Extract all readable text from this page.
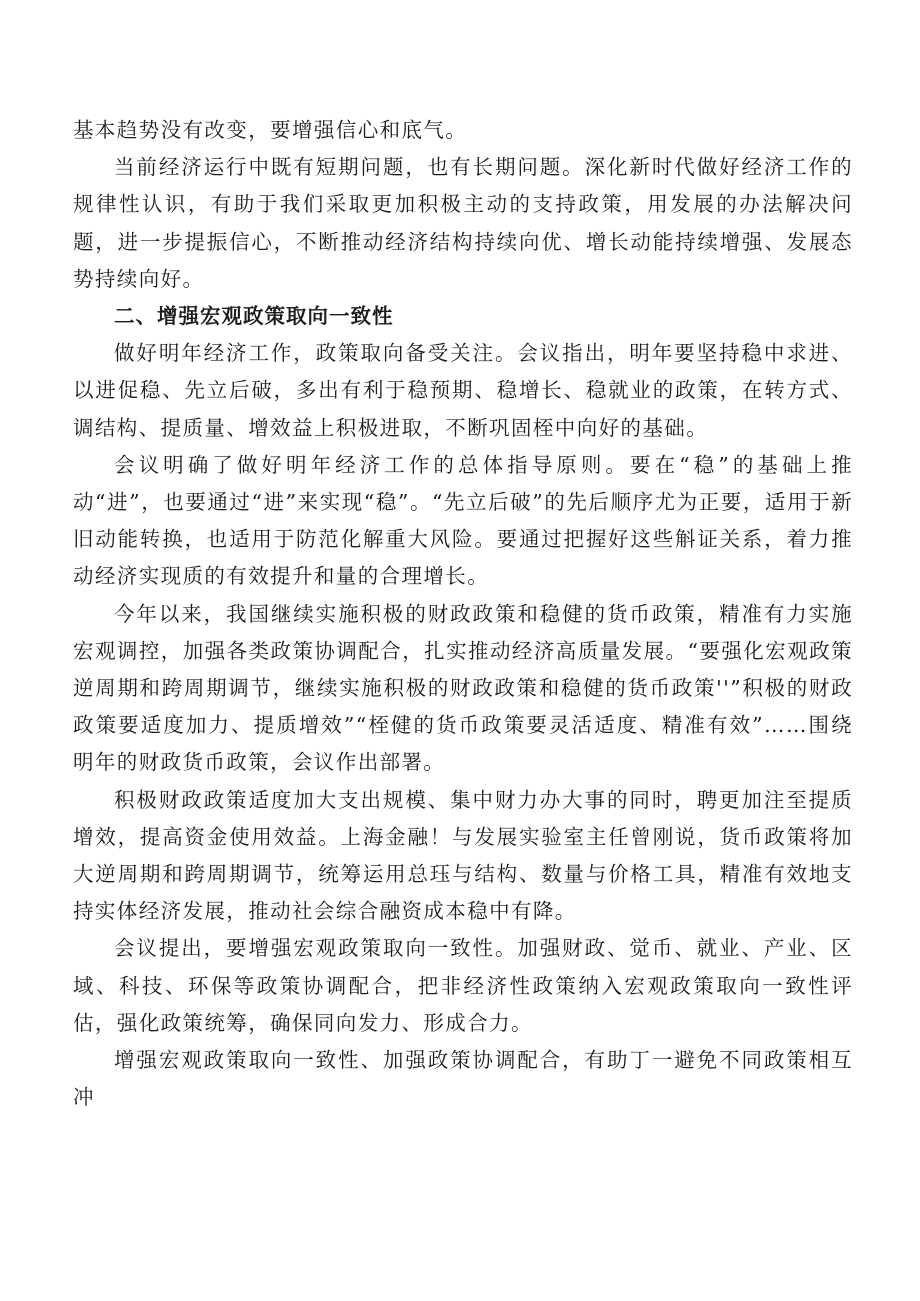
基本趋势没有改变，要增强信心和底气。

当前经济运行中既有短期问题，也有长期问题。深化新时代做好经济工作的规律性认识，有助于我们采取更加积极主动的支持政策，用发展的办法解决问题，进一步提振信心，不断推动经济结构持续向优、增长动能持续增强、发展态势持续向好。

二、增强宏观政策取向一致性

做好明年经济工作，政策取向备受关注。会议指出，明年要坚持稳中求进、以进促稳、先立后破，多出有利于稳预期、稳增长、稳就业的政策，在转方式、调结构、提质量、增效益上积极进取，不断巩固桎中向好的基础。

会议明确了做好明年经济工作的总体指导原则。要在“稳”的基础上推动“进”，也要通过“进”来实现“稳”。“先立后破”的先后顺序尤为正要，适用于新旧动能转换，也适用于防范化解重大风险。要通过把握好这些斛证关系，着力推动经济实现质的有效提升和量的合理增长。

今年以来，我国继续实施积极的财政政策和稳健的货币政策，精准有力实施宏观调控，加强各类政策协调配合，扎实推动经济高质量发展。“要强化宏观政策逆周期和跨周期调节，继续实施积极的财政政策和稳健的货币政策''”积极的财政政策要适度加力、提质增效”“桎健的货币政策要灵活适度、精准有效”……围绕明年的财政货币政策，会议作出部署。

积极财政政策适度加大支出规模、集中财力办大事的同时，聘更加注至提质增效，提高资金使用效益。上海金融！与发展实验室主任曾刚说，货币政策将加大逆周期和跨周期调节，统筹运用总珏与结构、数量与价格工具，精准有效地支持实体经济发展，推动社会综合融资成本稳中有降。

会议提出，要增强宏观政策取向一致性。加强财政、觉币、就业、产业、区域、科技、环保等政策协调配合，把非经济性政策纳入宏观政策取向一致性评估，强化政策统筹，确保同向发力、形成合力。

增强宏观政策取向一致性、加强政策协调配合，有助丁一避免不同政策相互冲
